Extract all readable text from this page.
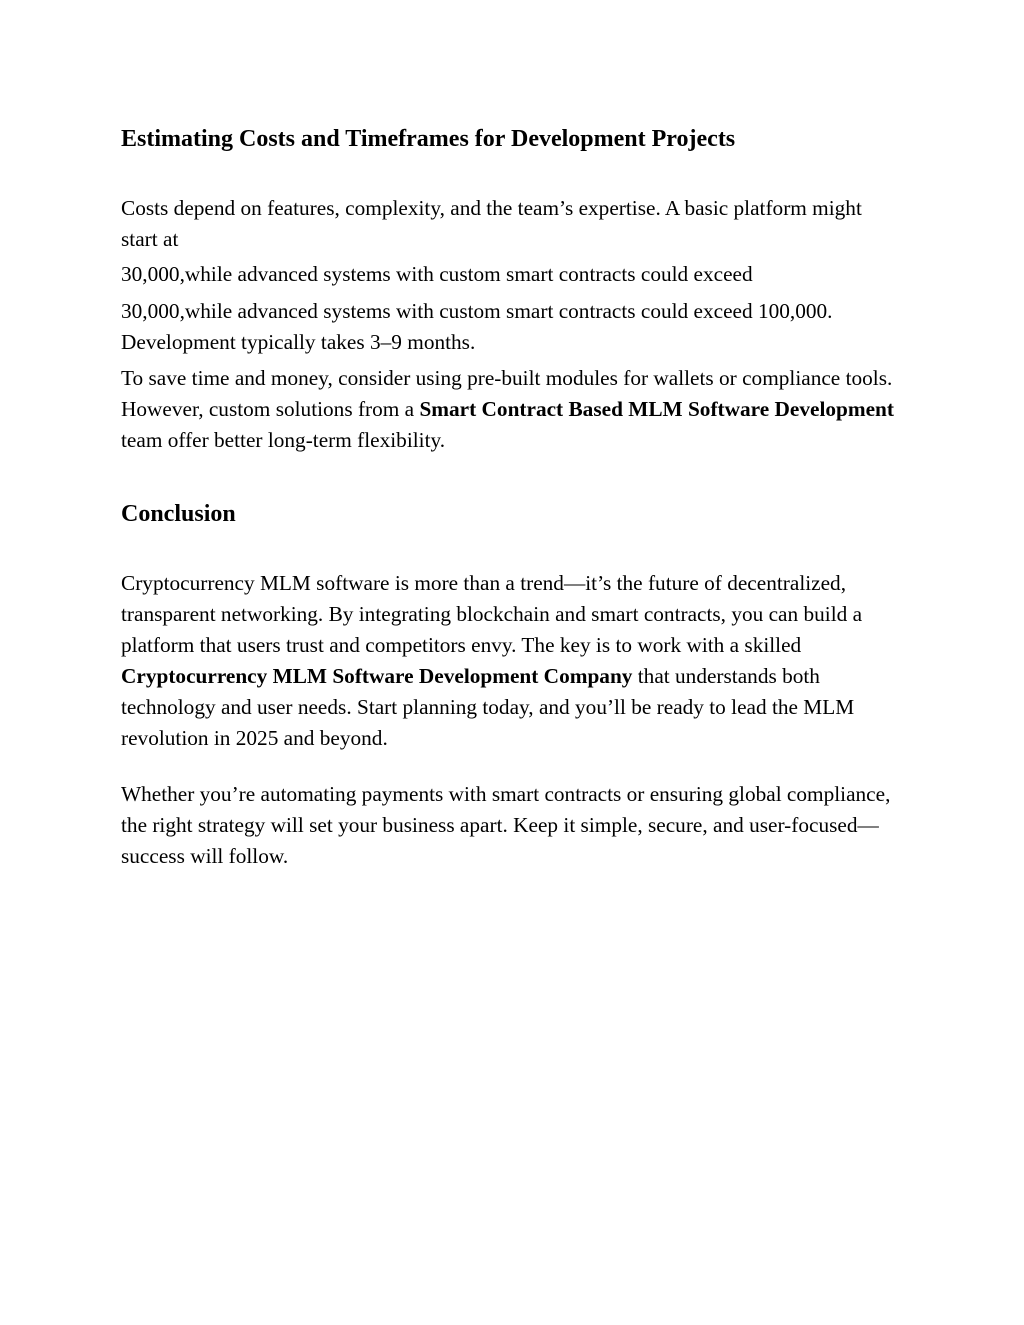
Estimating Costs and Timeframes for Development Projects

Costs depend on features, complexity, and the team’s expertise. A basic platform might start at

30,000,while advanced systems with custom smart contracts could exceed

30,000,while advanced systems with custom smart contracts could exceed 100,000. Development typically takes 3–9 months.

To save time and money, consider using pre-built modules for wallets or compliance tools. However, custom solutions from a Smart Contract Based MLM Software Development team offer better long-term flexibility.

Conclusion

Cryptocurrency MLM software is more than a trend—it’s the future of decentralized, transparent networking. By integrating blockchain and smart contracts, you can build a platform that users trust and competitors envy. The key is to work with a skilled Cryptocurrency MLM Software Development Company that understands both technology and user needs. Start planning today, and you’ll be ready to lead the MLM revolution in 2025 and beyond.

Whether you’re automating payments with smart contracts or ensuring global compliance, the right strategy will set your business apart. Keep it simple, secure, and user-focused—success will follow.
